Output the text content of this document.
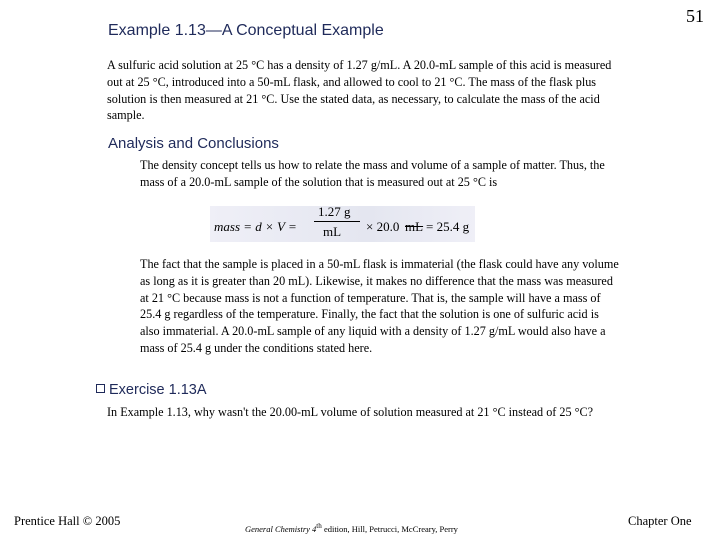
51
Example 1.13—A Conceptual Example
A sulfuric acid solution at 25 °C has a density of 1.27 g/mL. A 20.0-mL sample of this acid is measured out at 25 °C, introduced into a 50-mL flask, and allowed to cool to 21 °C. The mass of the flask plus solution is then measured at 21 °C. Use the stated data, as necessary, to calculate the mass of the acid sample.
Analysis and Conclusions
The density concept tells us how to relate the mass and volume of a sample of matter. Thus, the mass of a 20.0-mL sample of the solution that is measured out at 25 °C is
mass = d × V =
1.27 g
mL × 20.0 mL = 25.4 g
The fact that the sample is placed in a 50-mL flask is immaterial (the flask could have any volume as long as it is greater than 20 mL). Likewise, it makes no difference that the mass was measured at 21 °C because mass is not a function of temperature. That is, the sample will have a mass of 25.4 g regardless of the temperature. Finally, the fact that the solution is one of sulfuric acid is also immaterial. A 20.0-mL sample of any liquid with a density of 1.27 g/mL would also have a mass of 25.4 g under the conditions stated here.
Exercise 1.13A
In Example 1.13, why wasn't the 20.00-mL volume of solution measured at 21 °C instead of 25 °C?
Prentice Hall © 2005
General Chemistry 4th edition, Hill, Petrucci, McCreary, Perry
Chapter One
